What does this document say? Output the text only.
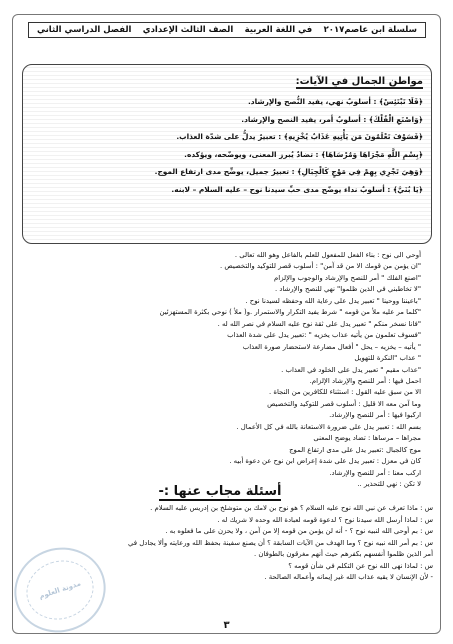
سلسلة ابن عاصم٢٠١٧
في اللغة العربية
الصف الثالث الإعدادي
الفصل الدراسي الثاني
مواطن الجمال في الآيات:
﴿فَلَا تَبْتَئِسْ﴾ : أسلوبٌ نهي، يفيد النُّصح والإرشاد.
﴿وَاصْنَعِ الْفُلْكَ﴾ : أسلوبٌ أمر، يفيد النصح والإرشاد.
﴿فَسَوْفَ تَعْلَمُونَ مَن يَأْتِيهِ عَذَابٌ يُخْزِيهِ﴾ : تعبيرٌ يدلُّ على شدّة العذاب.
﴿بِسْمِ اللَّهِ مَجْرَاهَا وَمُرْسَاهَا﴾ : تضادٌ يُبرز المعنى، ويوضّحه، ويؤكده.
﴿وَهِيَ تَجْرِي بِهِمْ فِي مَوْجٍ كَالْجِبَالِ﴾ : تعبيرٌ جميل، يوضِّح مدى ارتفاع الموج.
﴿يَا بُنَيَّ﴾ : أسلوبٌ نداء يوضّح مدى حبِّ سيدنا نوح – عليه السلام – لابنه.
أوحي الى نوح : بناء الفعل للمفعول للعلم بالفاعل وهو الله تعالى .
"ان يؤمن من قومك الا من قد آمن" : أسلوب قصر للتوكيد والتخصيص .
"اصنع الفلك " أمر للنصح والإرشاد والوجوب والإلزام
"لا تخاطبني في الذين ظلموا" نهي للنصح والإرشاد .
"باعيننا ووحينا " تعبير يدل على رعاية الله وحفظه لسيدنا نوح .
"كلما مر عليه ملأ من قومه " شرط يفيد التكرار والاستمرار .و( ملأ ) نوحي بكثرة المستهزئين
"فانا نسخر منكم " تعبير يدل على ثقة نوح عليه السلام في نصر الله له .
"فسوف تعلمون من يأتيه عذاب يخزيه " :تعبير يدل على شدة العذاب
" يأتيه – يخزيه – يحل " أفعال مضارعة لاستحضار صورة العذاب
" عذاب "النكرة للتهويل
"عذاب مقيم " تعبير يدل على الخلود في العذاب .
احمل فيها : أمر للنصح والإرشاد الإلزام.
الا من سبق عليه القول : استثناء للكافرين من النجاة .
وما آمن معه الا قليل : أسلوب قصر للتوكيد والتخصيص
اركبوا فيها : أمر للنصح والإرشاد.
بسم الله : تعبير يدل على ضرورة الاستعانة بالله في كل الأعمال .
مجراها – مرساها : تضاد يوضح المعنى
موج كالجبال :تعبير يدل على مدى ارتفاع الموج
كان في معزل : تعبير يدل على شدة إعراض ابن نوح عن دعوة أبيه .
اركب معنا : أمر للنصح والإرشاد.
لا تكن : نهي للتحذير ..
أسئلة مجاب عنها :-
س : ماذا تعرف عن نبي الله نوح عليه السلام ؟ هو نوح بن لامك بن متوشلخ بن إدريس عليه السلام .
س : لماذا أرسل الله سيدنا نوح ؟ لدعوة قومه لعبادة الله وحده لا شريك له .
س : بم أوحى الله لنبيه نوح ؟ - أنه لن يؤمن من قومه إلا من آمن ، ولا يحزن على ما فعلوه به .
س : بم أمر الله نبيه نوح ؟ وما الهدف من الآيات السابقة ؟ أن يصنع سفينة بحفظ الله ورعايته وألا يجادل في
أمر الذين ظلموا أنفسهم بكفرهم حيث أنهم مغرقون بالطوفان .
س : لماذا نهى الله نوح عن التكلم في شأن قومه ؟
- لأن الإنسان لا يقيه عذاب الله غير إيمانه وأعماله الصالحة .
مدونة العلوم
٣
